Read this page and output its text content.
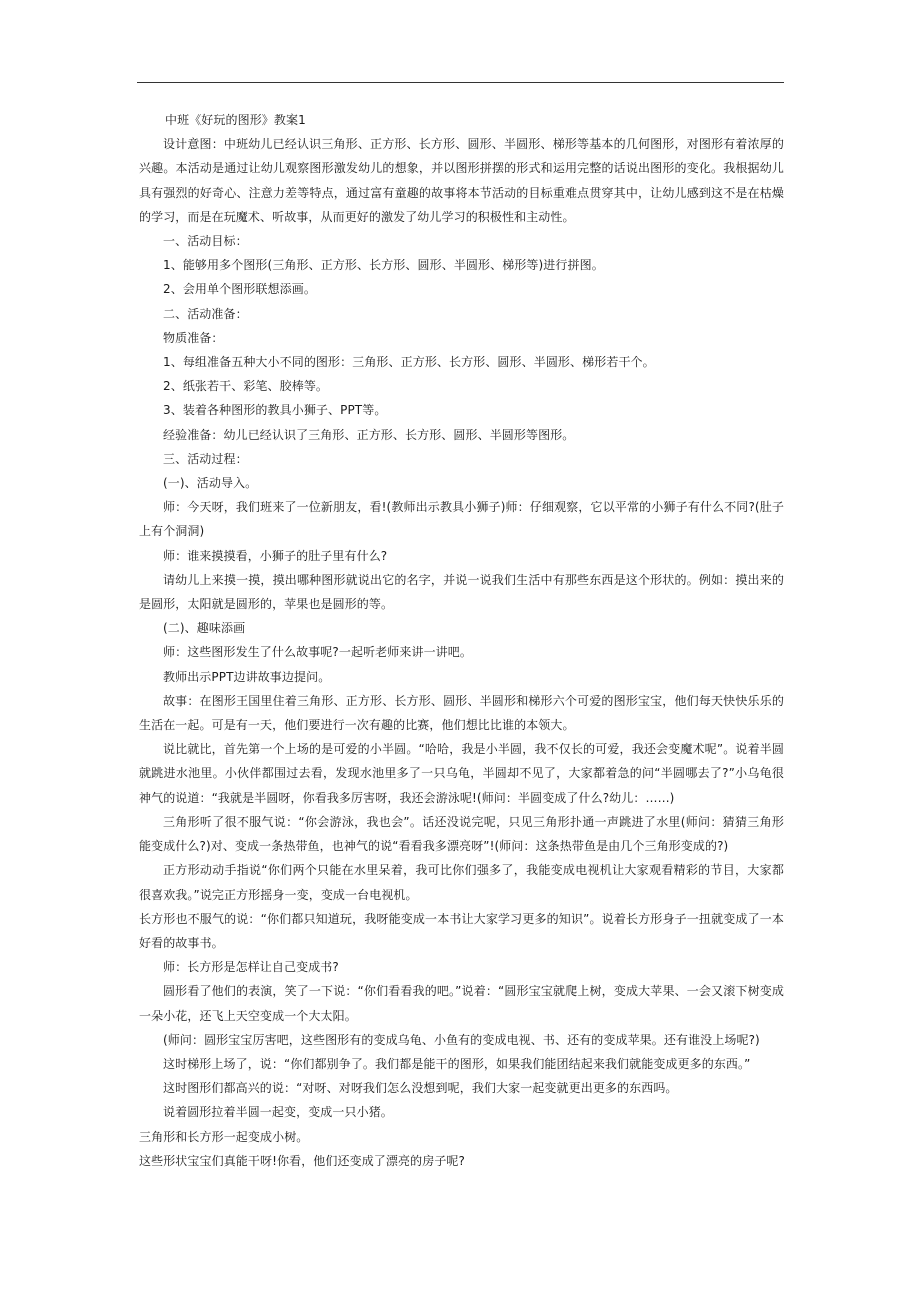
中班《好玩的图形》教案1

设计意图：中班幼儿已经认识三角形、正方形、长方形、圆形、半圆形、梯形等基本的几何图形，对图形有着浓厚的兴趣。本活动是通过让幼儿观察图形激发幼儿的想象，并以图形拼摆的形式和运用完整的话说出图形的变化。我根据幼儿具有强烈的好奇心、注意力差等特点，通过富有童趣的故事将本节活动的目标重难点贯穿其中，让幼儿感到这不是在枯燥的学习，而是在玩魔术、听故事，从而更好的激发了幼儿学习的积极性和主动性。

一、活动目标：

1、能够用多个图形(三角形、正方形、长方形、圆形、半圆形、梯形等)进行拼图。

2、会用单个图形联想添画。

二、活动准备：

物质准备：

1、每组准备五种大小不同的图形：三角形、正方形、长方形、圆形、半圆形、梯形若干个。

2、纸张若干、彩笔、胶棒等。

3、装着各种图形的教具小狮子、PPT等。

经验准备：幼儿已经认识了三角形、正方形、长方形、圆形、半圆形等图形。

三、活动过程：

(一)、活动导入。

师：今天呀，我们班来了一位新朋友，看!(教师出示教具小狮子)师：仔细观察，它以平常的小狮子有什么不同?(肚子上有个洞洞)

师：谁来摸摸看，小狮子的肚子里有什么?

请幼儿上来摸一摸，摸出哪种图形就说出它的名字，并说一说我们生活中有那些东西是这个形状的。例如：摸出来的是圆形，太阳就是圆形的，苹果也是圆形的等。

(二)、趣味添画

师：这些图形发生了什么故事呢?一起听老师来讲一讲吧。

教师出示PPT边讲故事边提问。

故事：在图形王国里住着三角形、正方形、长方形、圆形、半圆形和梯形六个可爱的图形宝宝，他们每天快快乐乐的生活在一起。可是有一天，他们要进行一次有趣的比赛，他们想比比谁的本领大。

说比就比，首先第一个上场的是可爱的小半圆。“哈哈，我是小半圆，我不仅长的可爱，我还会变魔术呢”。说着半圆就跳进水池里。小伙伴都围过去看，发现水池里多了一只乌龟，半圆却不见了，大家都着急的问“半圆哪去了?”小乌龟很神气的说道：“我就是半圆呀，你看我多厉害呀，我还会游泳呢!(师问：半圆变成了什么?幼儿：……)

三角形听了很不服气说：“你会游泳，我也会”。话还没说完呢，只见三角形扑通一声跳进了水里(师问：猜猜三角形能变成什么?)对、变成一条热带鱼，也神气的说“看看我多漂亮呀”!(师问：这条热带鱼是由几个三角形变成的?)

正方形动动手指说“你们两个只能在水里呆着，我可比你们强多了，我能变成电视机让大家观看精彩的节目，大家都很喜欢我。”说完正方形摇身一变，变成一台电视机。

长方形也不服气的说：“你们都只知道玩，我呀能变成一本书让大家学习更多的知识”。说着长方形身子一扭就变成了一本好看的故事书。

师：长方形是怎样让自己变成书?

圆形看了他们的表演，笑了一下说：“你们看看我的吧。”说着：“圆形宝宝就爬上树，变成大苹果、一会又滚下树变成一朵小花，还飞上天空变成一个大太阳。

(师问：圆形宝宝厉害吧，这些图形有的变成乌龟、小鱼有的变成电视、书、还有的变成苹果。还有谁没上场呢?)

这时梯形上场了，说：“你们都别争了。我们都是能干的图形，如果我们能团结起来我们就能变成更多的东西。”

这时图形们都高兴的说：“对呀、对呀我们怎么没想到呢，我们大家一起变就更出更多的东西吗。

说着圆形拉着半圆一起变，变成一只小猪。

三角形和长方形一起变成小树。

这些形状宝宝们真能干呀!你看，他们还变成了漂亮的房子呢?
